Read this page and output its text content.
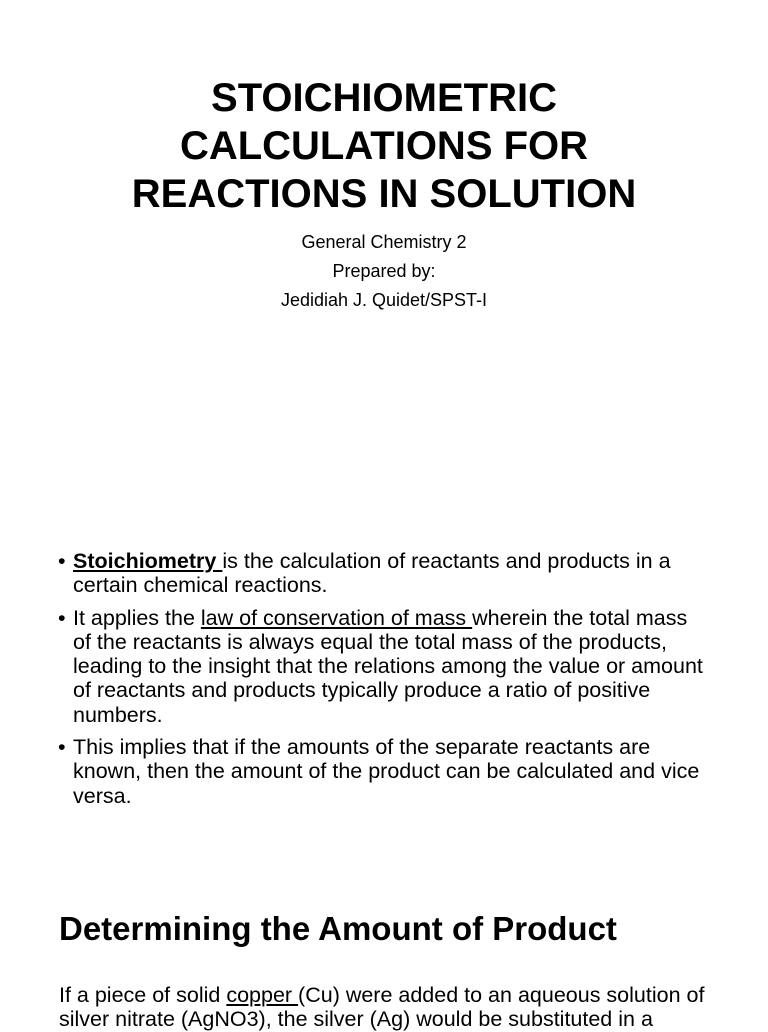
STOICHIOMETRIC
CALCULATIONS FOR
REACTIONS IN SOLUTION
General Chemistry 2
Prepared by:
Jedidiah J. Quidet/SPST-I
• Stoichiometry is the calculation of reactants and products in a certain chemical reactions.
• It applies the law of conservation of mass wherein the total mass of the reactants is always equal the total mass of the products, leading to the insight that the relations among the value or amount of reactants and products typically produce a ratio of positive numbers.
• This implies that if the amounts of the separate reactants are known, then the amount of the product can be calculated and vice versa.
Determining the Amount of Product

If a piece of solid copper (Cu) were added to an aqueous solution of silver nitrate (AgNO3), the silver (Ag) would be substituted in a
